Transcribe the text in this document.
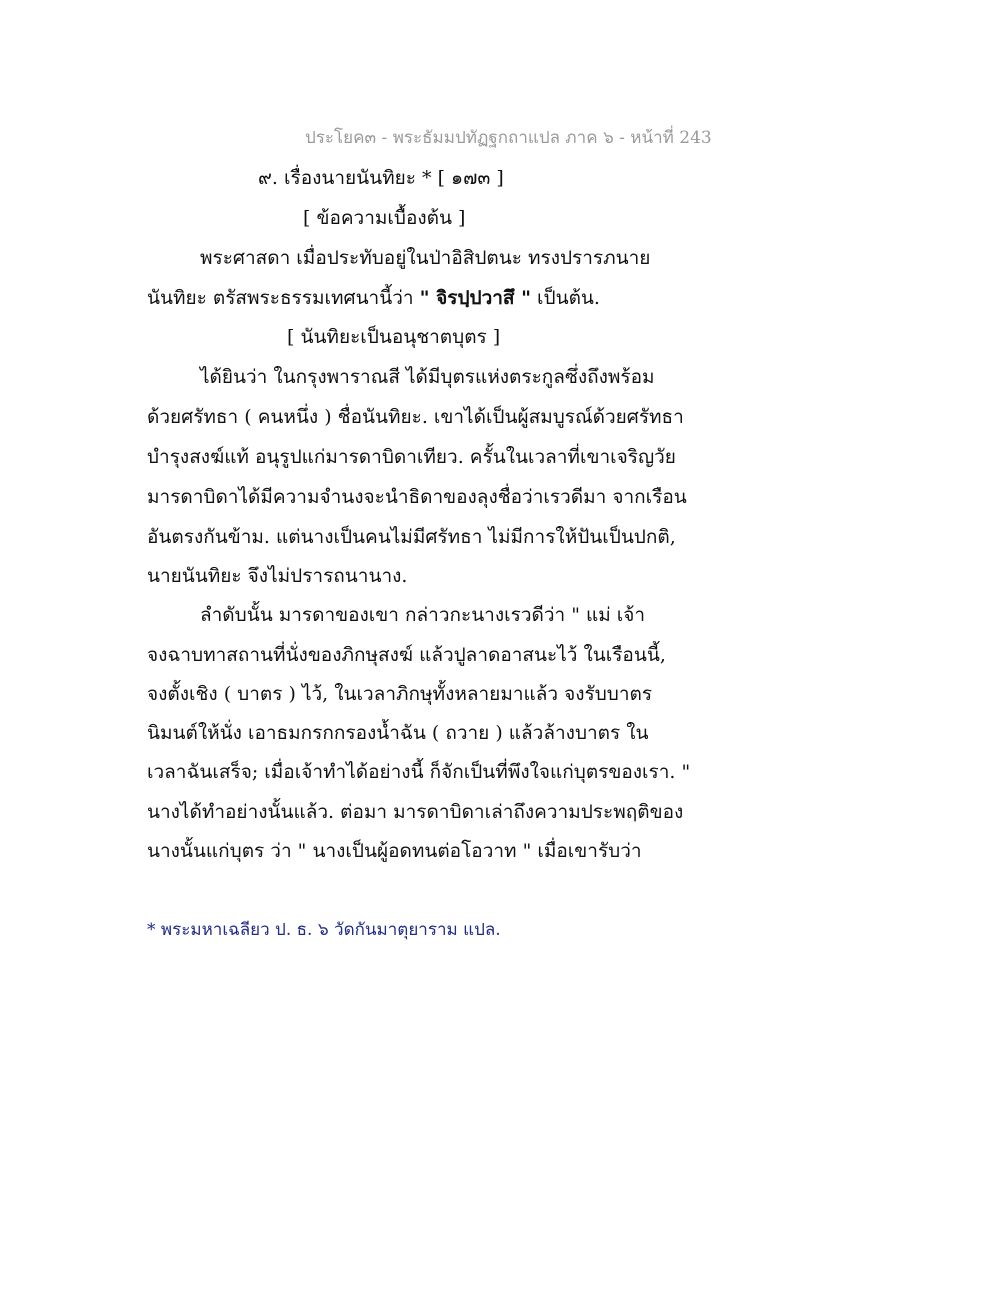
ประโยค๓ - พระธัมมปทัฏฐกถาแปล ภาค ๖ - หน้าที่ 243
๙. เรื่องนายนันทิยะ * [ ๑๗๓ ]
[ ข้อความเบื้องต้น ]
พระศาสดา เมื่อประทับอยู่ในป่าอิสิปตนะ ทรงปรารภนาย
นันทิยะ ตรัสพระธรรมเทศนานี้ว่า " จิรปฺปวาสึ " เป็นต้น.
[ นันทิยะเป็นอนุชาตบุตร ]
ได้ยินว่า ในกรุงพาราณสี ได้มีบุตรแห่งตระกูลซึ่งถึงพร้อม
ด้วยศรัทธา ( คนหนึ่ง ) ชื่อนันทิยะ. เขาได้เป็นผู้สมบูรณ์ด้วยศรัทธา
บำรุงสงฆ์แท้ อนุรูปแก่มารดาบิดาเทียว. ครั้นในเวลาที่เขาเจริญวัย
มารดาบิดาได้มีความจำนงจะนำธิดาของลุงชื่อว่าเรวดีมา จากเรือน
อันตรงกันข้าม. แต่นางเป็นคนไม่มีศรัทธา ไม่มีการให้ปันเป็นปกติ,
นายนันทิยะ จึงไม่ปรารถนานาง.
ลำดับนั้น มารดาของเขา กล่าวกะนางเรวดีว่า " แม่ เจ้า
จงฉาบทาสถานที่นั่งของภิกษุสงฆ์ แล้วปูลาดอาสนะไว้ ในเรือนนี้,
จงตั้งเชิง ( บาตร ) ไว้, ในเวลาภิกษุทั้งหลายมาแล้ว จงรับบาตร
นิมนต์ให้นั่ง เอาธมกรกกรองน้ำฉัน ( ถวาย ) แล้วล้างบาตร ใน
เวลาฉันเสร็จ; เมื่อเจ้าทำได้อย่างนี้ ก็จักเป็นที่พึงใจแก่บุตรของเรา. "
นางได้ทำอย่างนั้นแล้ว. ต่อมา มารดาบิดาเล่าถึงความประพฤติของ
นางนั้นแก่บุตร ว่า " นางเป็นผู้อดทนต่อโอวาท " เมื่อเขารับว่า
* พระมหาเฉลียว ป. ธ. ๖ วัดกันมาตุยาราม แปล.
